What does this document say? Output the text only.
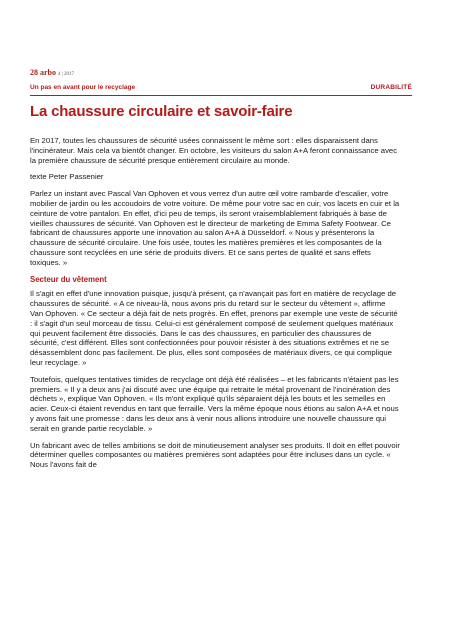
28 arbo 4 | 2017
Un pas en avant pour le recyclage	DURABILITÉ
La chaussure circulaire et savoir-faire

En 2017, toutes les chaussures de sécurité usées connaissent le même sort : elles disparaissent dans l'incinérateur. Mais cela va bientôt changer. En octobre, les visiteurs du salon A+A feront connaissance avec la première chaussure de sécurité presque entièrement circulaire au monde.

texte Peter Passenier

Parlez un instant avec Pascal Van Ophoven et vous verrez d'un autre œil votre rambarde d'escalier, votre mobilier de jardin ou les accoudoirs de votre voiture. De même pour votre sac en cuir, vos lacets en cuir et la ceinture de votre pantalon. En effet, d'ici peu de temps, ils seront vraisemblablement fabriqués à base de vieilles chaussures de sécurité. Van Ophoven est le directeur de marketing de Emma Safety Footwear. Ce fabricant de chaussures apporte une innovation au salon A+A à Düsseldorf. « Nous y présenterons la chaussure de sécurité circulaire. Une fois usée, toutes les matières premières et les composantes de la chaussure sont recyclées en une série de produits divers. Et ce sans pertes de qualité et sans effets toxiques. »

Secteur du vêtement

Il s'agit en effet d'une innovation puisque, jusqu'à présent, ça n'avançait pas fort en matière de recyclage de chaussures de sécurité. « A ce niveau-là, nous avons pris du retard sur le secteur du vêtement », affirme Van Ophoven. « Ce secteur a déjà fait de nets progrès. En effet, prenons par exemple une veste de sécurité : il s'agit d'un seul morceau de tissu. Celui-ci est généralement composé de seulement quelques matériaux qui peuvent facilement être dissociés. Dans le cas des chaussures, en particulier des chaussures de sécurité, c'est différent. Elles sont confectionnées pour pouvoir résister à des situations extrêmes et ne se désassemblent donc pas facilement. De plus, elles sont composées de matériaux divers, ce qui complique leur recyclage. »

Toutefois, quelques tentatives timides de recyclage ont déjà été réalisées – et les fabricants n'étaient pas les premiers. « Il y a deux ans j'ai discuté avec une équipe qui retraite le métal provenant de l'incinération des déchets », explique Van Ophoven. « Ils m'ont expliqué qu'ils séparaient déjà les bouts et les semelles en acier. Ceux-ci étaient revendus en tant que ferraille. Vers la même époque nous étions au salon A+A et nous y avons fait une promesse : dans les deux ans à venir nous allions introduire une nouvelle chaussure qui serait en grande partie recyclable. »

Un fabricant avec de telles ambitions se doit de minutieusement analyser ses produits. Il doit en effet pouvoir déterminer quelles composantes ou matières premières sont adaptées pour être incluses dans un cycle. « Nous l'avons fait de
